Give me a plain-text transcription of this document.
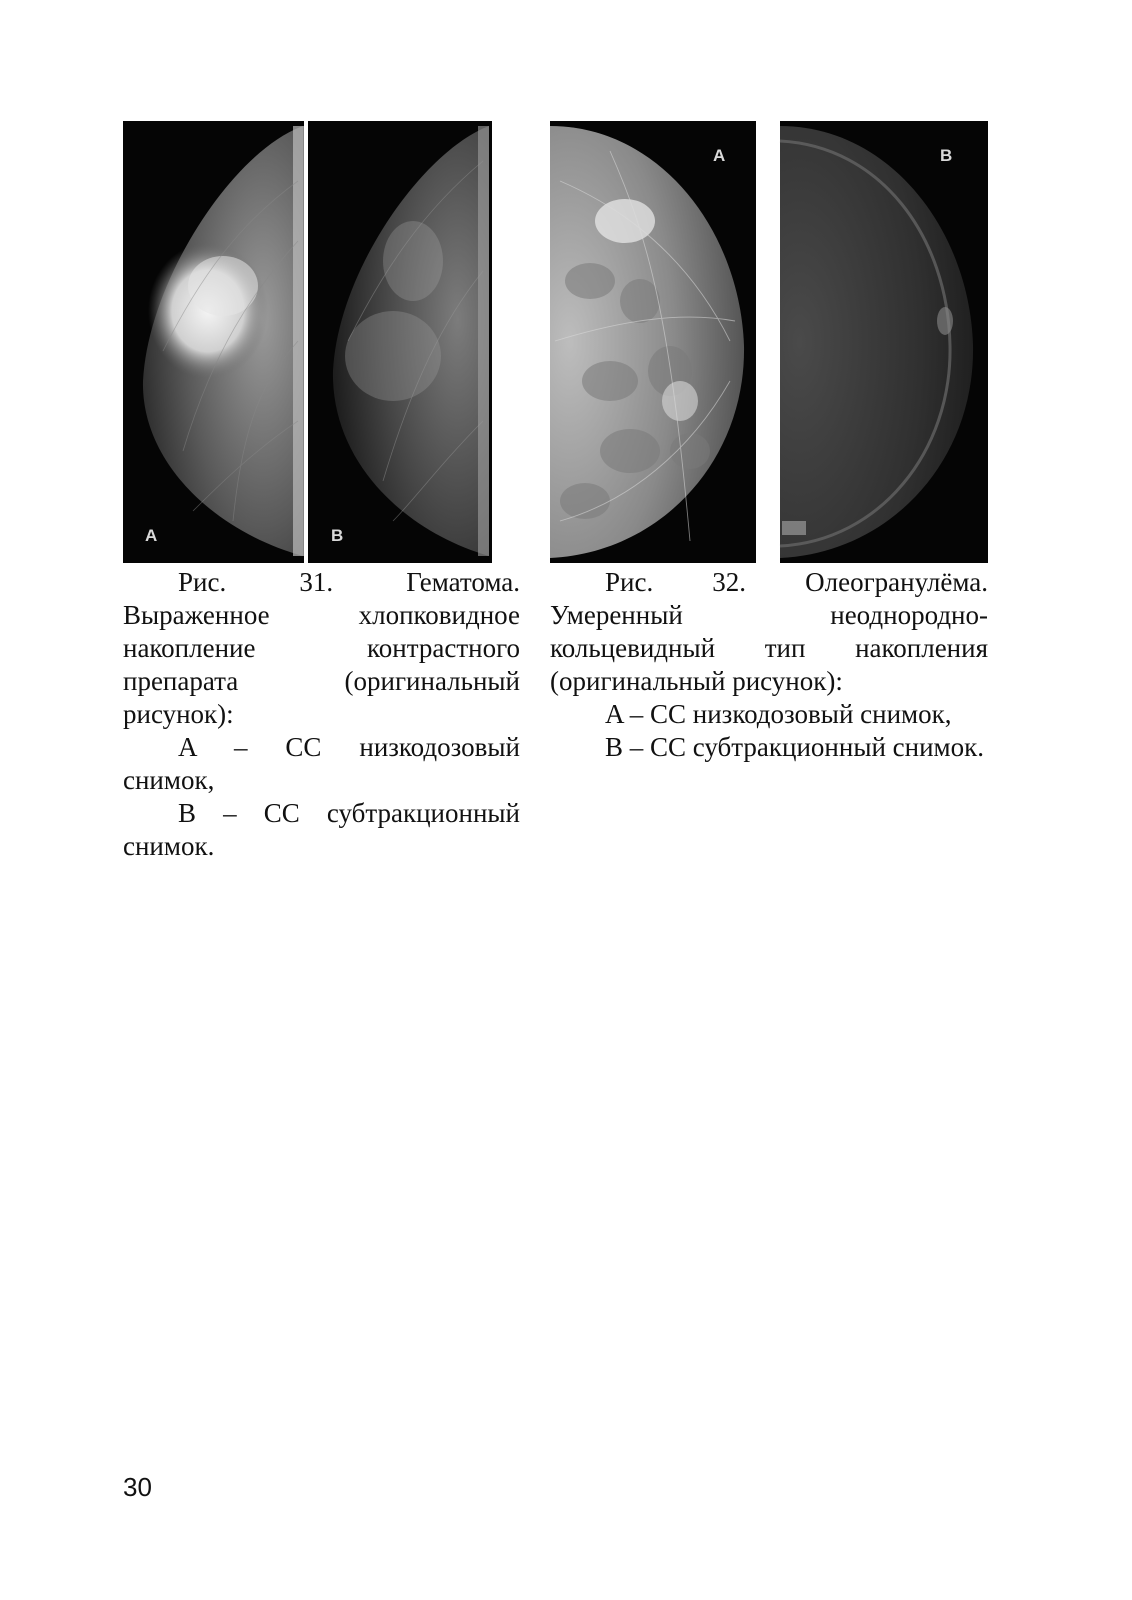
A	B
A	B

Рис. 31. Гематома. Выраженное хлопковидное накопление контрастного препарата (оригинальный рисунок):

A – CC низкодозовый снимок,

B – CC субтракционный снимок.

Рис. 32. Олеогранулёма. Умеренный неоднородно-кольцевидный тип накопления (оригинальный рисунок):

A – CC низкодозовый снимок,

B – CC субтракционный снимок.

30
